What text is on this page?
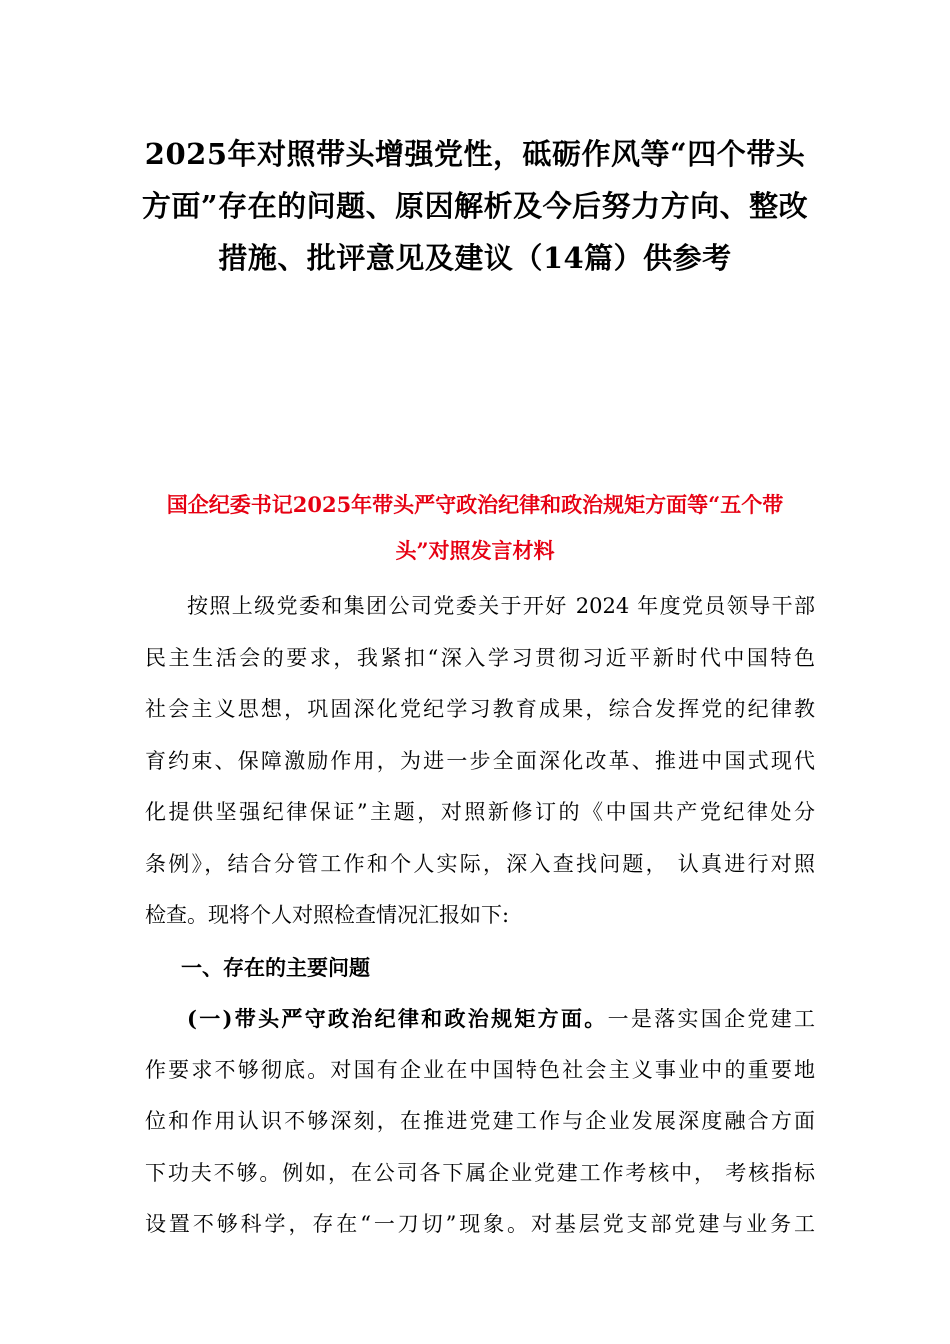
2025年对照带头增强党性，砥砺作风等“四个带头
方面”存在的问题、原因解析及今后努力方向、整改
措施、批评意见及建议（14篇）供参考
国企纪委书记2025年带头严守政治纪律和政治规矩方面等“五个带
头”对照发言材料
按照上级党委和集团公司党委关于开好 2024 年度党员领导干部
民主生活会的要求，我紧扣“深入学习贯彻习近平新时代中国特色
社会主义思想，巩固深化党纪学习教育成果，综合发挥党的纪律教
育约束、保障激励作用，为进一步全面深化改革、推进中国式现代
化提供坚强纪律保证”主题，对照新修订的《中国共产党纪律处分
条例》，结合分管工作和个人实际，深入查找问题， 认真进行对照
检查。现将个人对照检查情况汇报如下:
一、存在的主要问题
(一)带头严守政治纪律和政治规矩方面。一是落实国企党建工
作要求不够彻底。对国有企业在中国特色社会主义事业中的重要地
位和作用认识不够深刻，在推进党建工作与企业发展深度融合方面
下功夫不够。例如，在公司各下属企业党建工作考核中， 考核指标
设置不够科学，存在“一刀切”现象。对基层党支部党建与业务工
